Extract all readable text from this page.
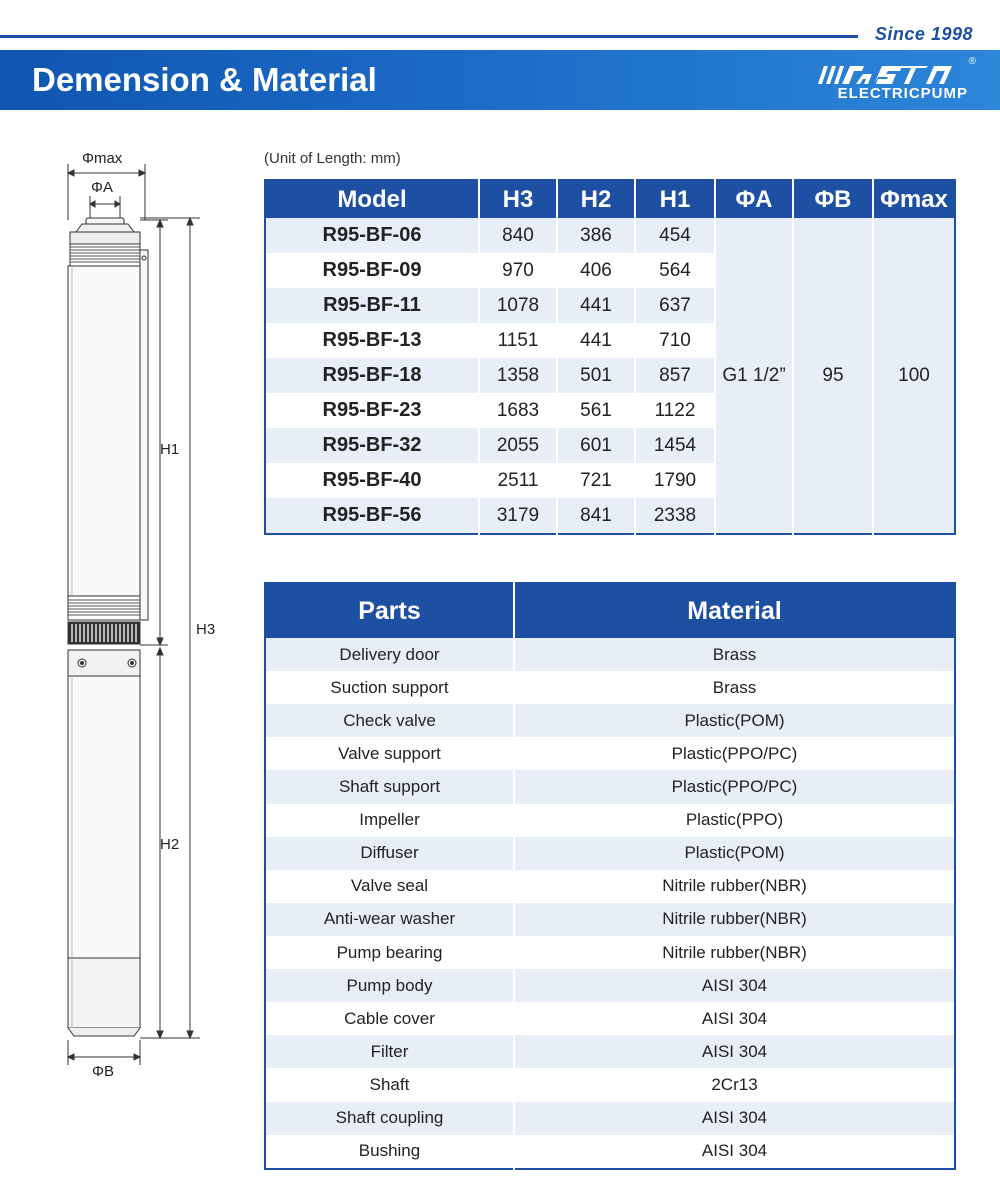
Since 1998
Demension & Material	ELECTRICPUMP
®
Φmax
ΦA
H1
H2
H3
ΦB
(Unit of Length: mm)
Model	H3	H2	H1	ΦA	ΦB	Φmax
R95-BF-06	840	386	454	G1 1/2”	95	100
R95-BF-09	970	406	564			
R95-BF-11	1078	441	637			
R95-BF-13	1151	441	710			
R95-BF-18	1358	501	857			
R95-BF-23	1683	561	1122			
R95-BF-32	2055	601	1454			
R95-BF-40	2511	721	1790			
R95-BF-56	3179	841	2338			
Parts	Material
Delivery door	Brass
Suction support	Brass
Check valve	Plastic(POM)
Valve support	Plastic(PPO/PC)
Shaft support	Plastic(PPO/PC)
Impeller	Plastic(PPO)
Diffuser	Plastic(POM)
Valve seal	Nitrile rubber(NBR)
Anti-wear washer	Nitrile rubber(NBR)
Pump bearing	Nitrile rubber(NBR)
Pump body	AISI 304
Cable cover	AISI 304
Filter	AISI 304
Shaft	2Cr13
Shaft coupling	AISI 304
Bushing	AISI 304
